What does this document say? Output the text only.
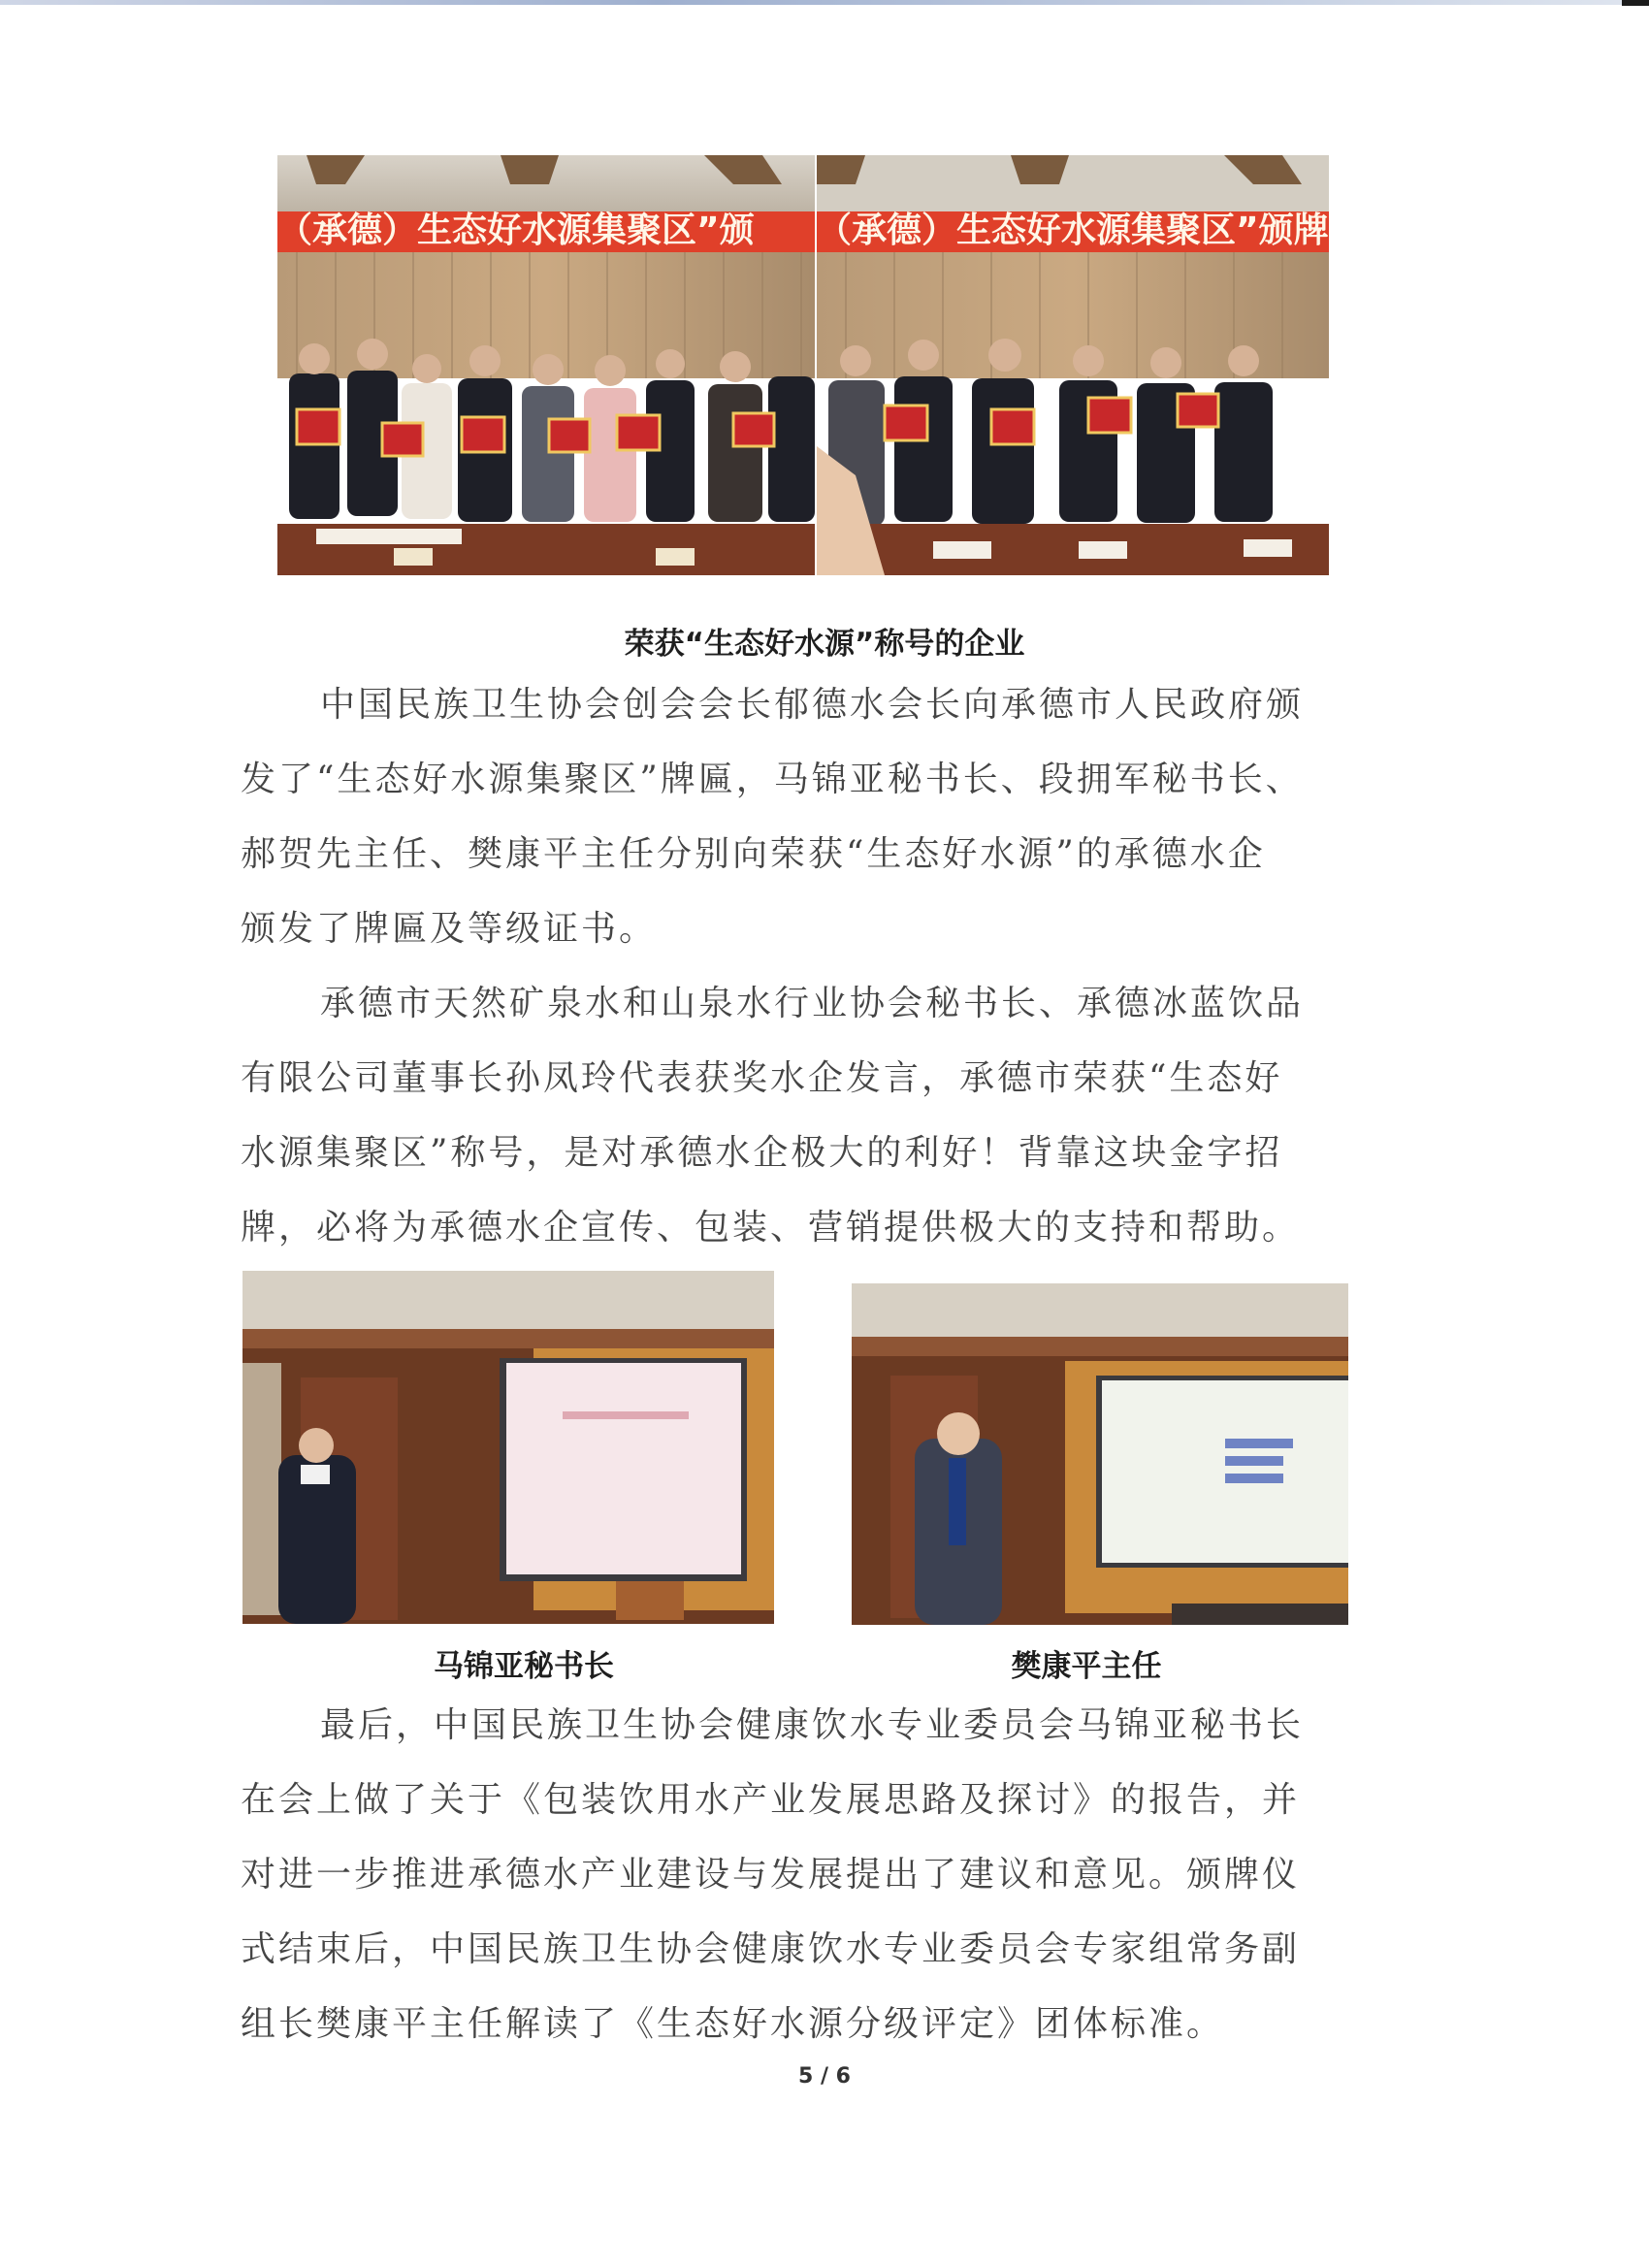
（承德）生态好水源集聚区”颁 （承德）生态好水源集聚区”颁牌
荣获“生态好水源”称号的企业
中国民族卫生协会创会会长郁德水会长向承德市人民政府颁
发了“生态好水源集聚区”牌匾，马锦亚秘书长、段拥军秘书长、
郝贺先主任、樊康平主任分别向荣获“生态好水源”的承德水企
颁发了牌匾及等级证书。
承德市天然矿泉水和山泉水行业协会秘书长、承德冰蓝饮品
有限公司董事长孙凤玲代表获奖水企发言，承德市荣获“生态好
水源集聚区”称号，是对承德水企极大的利好！背靠这块金字招
牌，必将为承德水企宣传、包装、营销提供极大的支持和帮助。
马锦亚秘书长	樊康平主任
最后，中国民族卫生协会健康饮水专业委员会马锦亚秘书长
在会上做了关于《包装饮用水产业发展思路及探讨》的报告，并
对进一步推进承德水产业建设与发展提出了建议和意见。颁牌仪
式结束后，中国民族卫生协会健康饮水专业委员会专家组常务副
组长樊康平主任解读了《生态好水源分级评定》团体标准。
5 / 6
